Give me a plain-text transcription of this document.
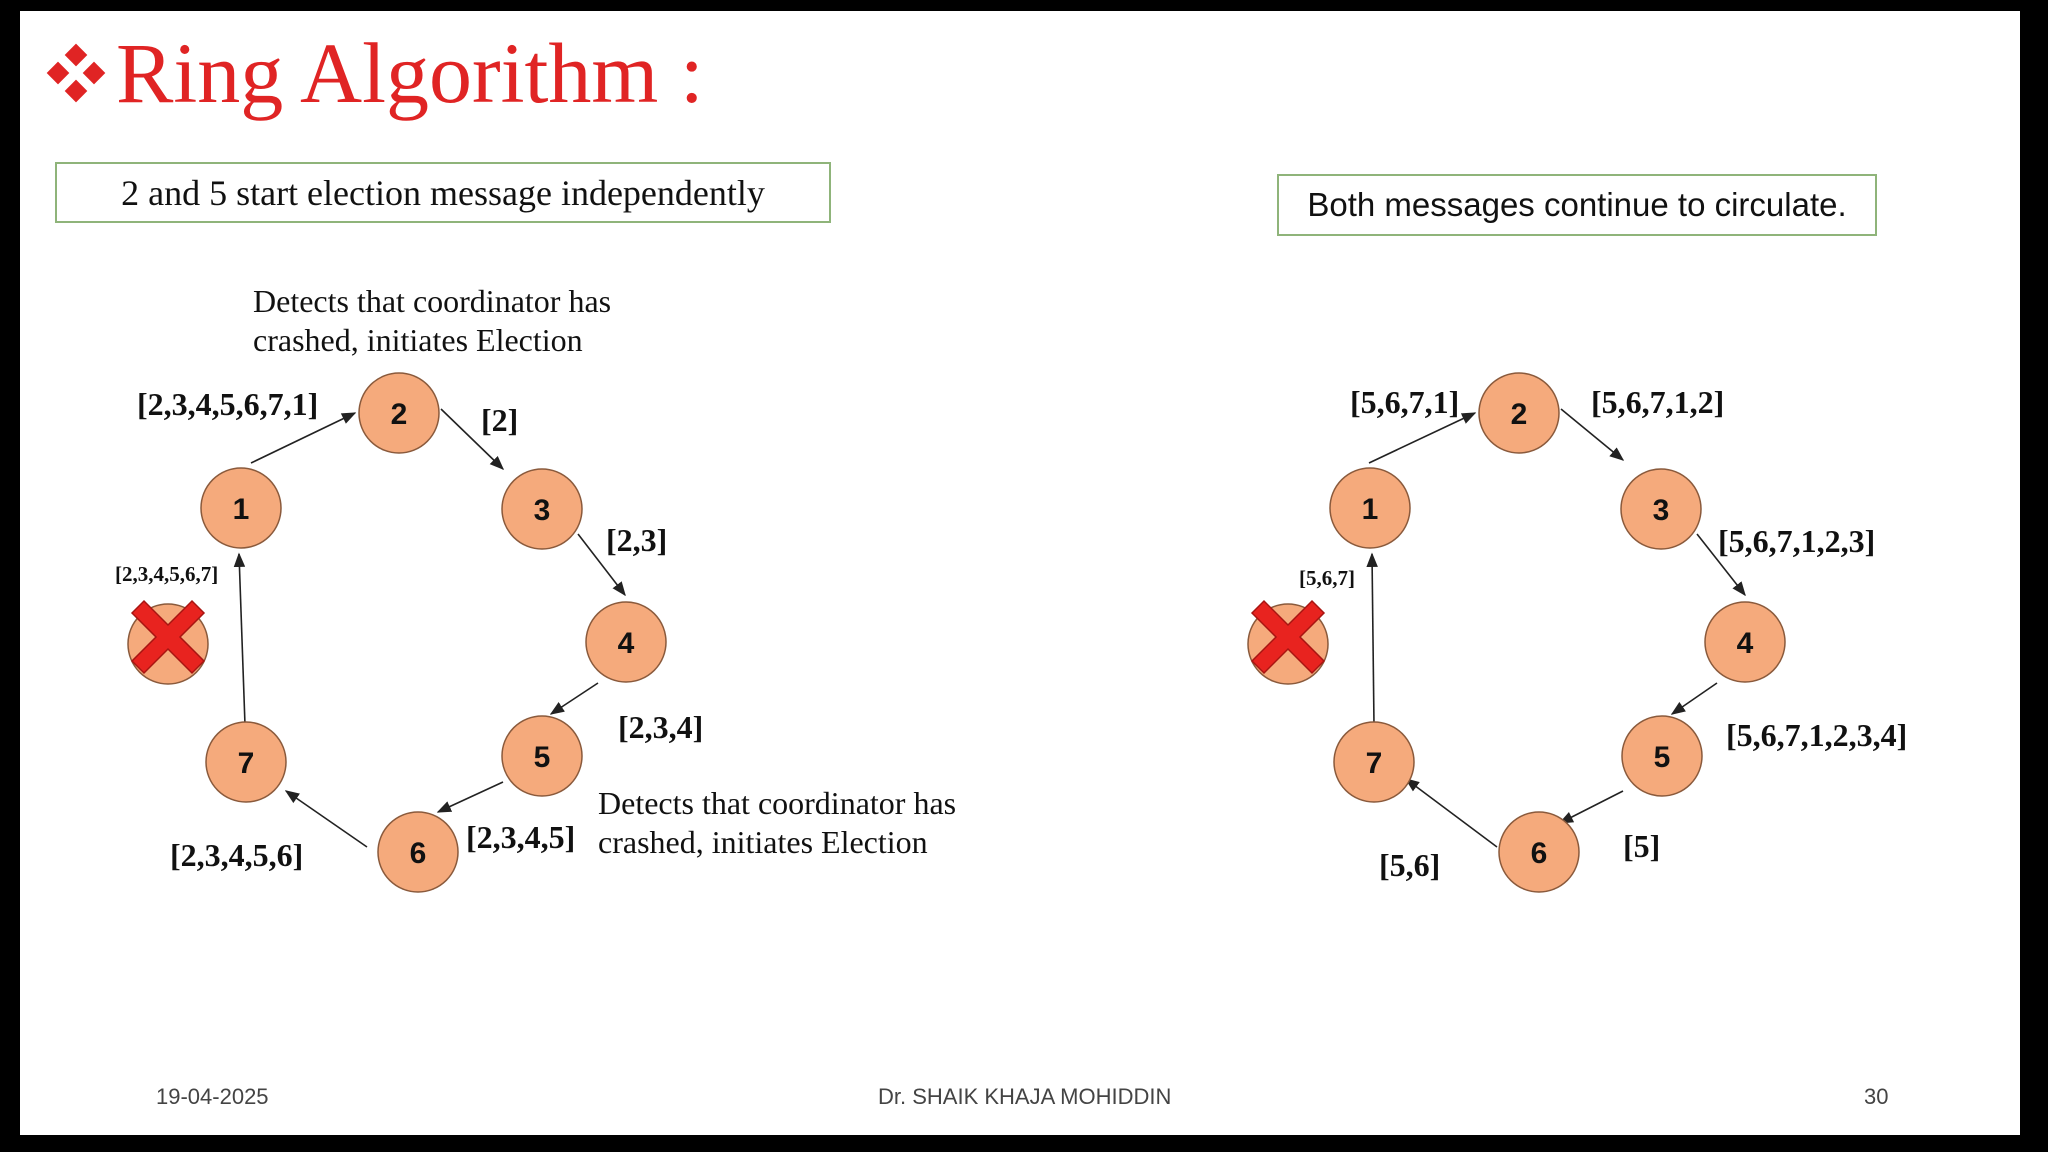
Ring Algorithm :
2 and 5 start election message independently	Both messages continue to circulate.
1
2
3
4
5
6
7
[2,3,4,5,6,7,1]	[2]
[2,3]
[2,3,4]
[2,3,4,5]
[2,3,4,5,6]
[2,3,4,5,6,7]
Detects that coordinator has
crashed, initiates Election
Detects that coordinator has
crashed, initiates Election
1
2
3
4
5
6
7
[5,6,7,1]	[5,6,7,1,2]
[5,6,7,1,2,3]
[5,6,7,1,2,3,4]
[5]
[5,6]
[5,6,7]
19-04-2025	Dr. SHAIK KHAJA MOHIDDIN	30
